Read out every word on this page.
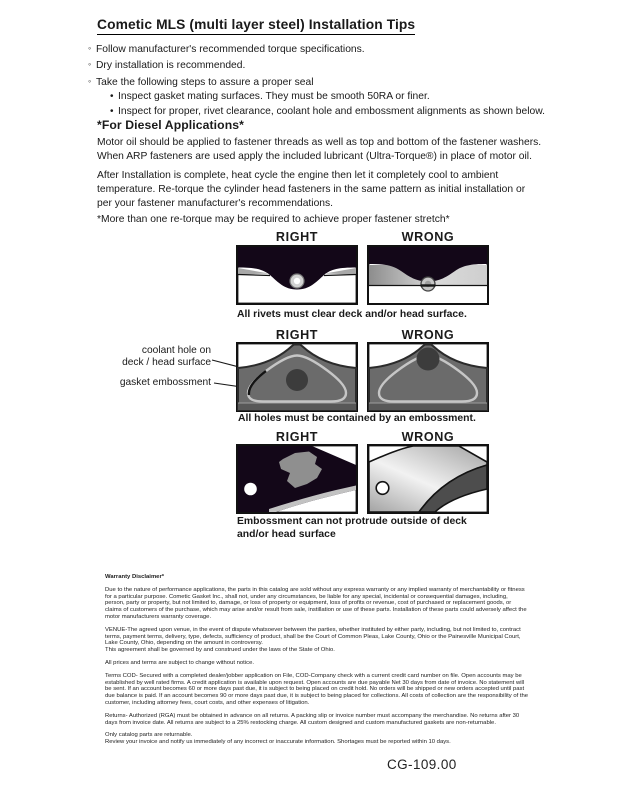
Cometic MLS (multi layer steel) Installation Tips
◦ Follow manufacturer's recommended torque specifications.
◦ Dry installation is recommended.
◦ Take the following steps to assure a proper seal
• Inspect gasket mating surfaces. They must be smooth 50RA or finer.
• Inspect for proper, rivet clearance, coolant hole and embossment alignments as shown below.
*For Diesel Applications*
Motor oil should be applied to fastener threads as well as top and bottom of the fastener washers. When ARP fasteners are used apply the included lubricant (Ultra-Torque®) in place of motor oil.
After Installation is complete, heat cycle the engine then let it completely cool to ambient temperature. Re-torque the cylinder head fasteners in the same pattern as initial installation or per your fastener manufacturer's recommendations.
*More than one re-torque may be required to achieve proper fastener stretch*
RIGHT	WRONG
All rivets must clear deck and/or head surface.
RIGHT	WRONG
coolant hole on
deck / head surface
gasket embossment
All holes must be contained by an embossment.
RIGHT	WRONG
Embossment can not protrude outside of deck
and/or head surface
Warranty Disclaimer*

Due to the nature of performance applications, the parts in this catalog are sold without any express warranty or any implied warranty of merchantability or fitness for a particular purpose. Cometic Gasket Inc., shall not, under any circumstances, be liable for any special, incidental or consequential damages, including, person, party or property, but not limited to, damage, or loss of property or equipment, loss of profits or revenue, cost of purchased or replacement goods, or claims of customers of the purchase, which may arise and/or result from sale, instillation or use of these parts. Installation of these parts could adversely affect the motor manufacturers warranty coverage.

VENUE-The agreed upon venue, in the event of dispute whatsoever between the parties, whether instituted by either party, including, but not limited to, contract terms, payment terms, delivery, type, defects, sufficiency of product, shall be the Court of Common Pleas, Lake County, Ohio or the Painesville Municipal Court, Lake County, Ohio, depending on the amount in controversy.

This agreement shall be governed by and construed under the laws of the State of Ohio.

All prices and terms are subject to change without notice.

Terms COD- Secured with a completed dealer/jobber application on File, COD-Company check with a current credit card number on file. Open accounts may be established by well rated firms. A credit application is available upon request. Open accounts are due payable Net 30 days from date of invoice. No statement will be sent. If an account becomes 60 or more days past due, it is subject to being placed on credit hold. No orders will be shipped or new orders accepted until past due balance is paid. If an account becomes 90 or more days past due, it is subject to being placed for collections. All costs of collection are the responsibility of the customer, including attorney fees, court costs, and other expenses of litigation.

Returns- Authorized (RGA) must be obtained in advance on all returns. A packing slip or invoice number must accompany the merchandise. No returns after 30 days from invoice date. All returns are subject to a 25% restocking charge. All custom designed and custom manufactured gaskets are non-returnable.

Only catalog parts are returnable.

Review your invoice and notify us immediately of any incorrect or inaccurate information. Shortages must be reported within 10 days.

CG-109.00
